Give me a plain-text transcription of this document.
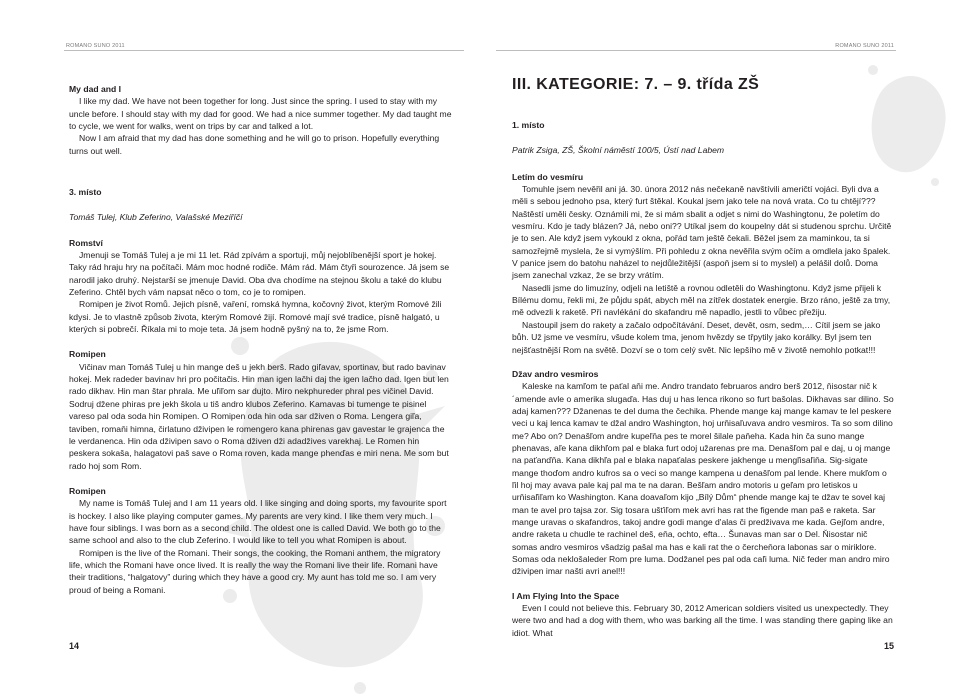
ROMANO SUNO 2011	ROMANO SUNO 2011

My dad and I

I like my dad. We have not been together for long. Just since the spring. I used to stay with my uncle before. I should stay with my dad for good. We had a nice summer together. My dad taught me to cycle, we went for walks, went on trips by car and talked a lot.

Now I am afraid that my dad has done something and he will go to prison. Hopefully everything turns out well.

3. místo

Tomáš Tulej, Klub Zeferino, Valašské Meziříčí

Romství

Jmenuji se Tomáš Tulej a je mi 11 let. Rád zpívám a sportuji, můj nejoblíbenější sport je hokej. Taky rád hraju hry na počítači. Mám moc hodné rodiče. Mám rád. Mám čtyři sourozence. Já jsem se narodil jako druhý. Nejstarší se jmenuje David. Oba dva chodíme na stejnou školu a také do klubu Zeferino. Chtěl bych vám napsat něco o tom, co je to romipen.

Romipen je život Romů. Jejich písně, vaření, romská hymna, kočovný život, kterým Romové žili kdysi. Je to vlastně způsob života, kterým Romové žijí. Romové mají své tradice, písně halgató, u kterých si pobrečí. Říkala mi to moje teta. Já jsem hodně pyšný na to, že jsme Rom.

Romipen

Vičinav man Tomáš Tulej u hin mange deš u jekh berš. Rado giľavav, sportinav, but rado bavinav hokej. Mek radeder bavinav hri pro počitačis. Hin man igen lačhi daj the igen lačho dad. Igen but len rado dikhav. Hin man štar phrala. Me uľiľom sar dujto. Miro nekphureder phral pes vičinel David. Sodruj džene phiras pre jekh škola u tiš andro klubos Zeferino. Kamavas bi tumenge te pisinel vareso pal oda soda hin Romipen. O Romipen oda hin oda sar dživen o Roma. Lengera giľa, taviben, romaňi himna, čirlatuno dživipen le romengero kana phirenas gav gavestar le grajenca the le verdanenca. Hin oda dživipen savo o Roma dživen dži adadžives varekhaj. Le Romen hin peskera sokaša, halagatovi paš save o Roma roven, kada mange phenďas e miri nena. Me som but rado hoj som Rom.

Romipen

My name is Tomáš Tulej and I am 11 years old. I like singing and doing sports, my favourite sport is hockey. I also like playing computer games. My parents are very kind. I like them very much. I have four siblings. I was born as a second child. The oldest one is called David. We both go to the same school and also to the club Zeferino. I would like to tell you what Romipen is about.

Romipen is the live of the Romani. Their songs, the cooking, the Romani anthem, the migratory life, which the Romani have once lived. It is really the way the Romani live their life. Romani have their traditions, “halgatovy” during which they have a good cry. My aunt has told me so. I am very proud of being a Romani.

14
III. KATEGORIE: 7. – 9. třída ZŠ

1. místo

Patrik Zsiga, ZŠ, Školní náměstí 100/5, Ústí nad Labem

Letím do vesmíru

Tomuhle jsem nevěřil ani já. 30. února 2012 nás nečekaně navštívili američtí vojáci. Byli dva a měli s sebou jednoho psa, který furt štěkal. Koukal jsem jako tele na nová vrata. Co tu chtějí??? Naštěstí uměli česky. Oznámili mi, že si mám sbalit a odjet s nimi do Washingtonu, že poletím do vesmíru. Kdo je tady blázen? Já, nebo oni?? Utíkal jsem do koupelny dát si studenou sprchu. Určitě je to sen. Ale když jsem vykoukl z okna, pořád tam ještě čekali. Běžel jsem za maminkou, ta si samozřejmě myslela, že si vymýšlím. Při pohledu z okna nevěřila svým očím a omdlela jako špalek. V panice jsem do batohu naházel to nejdůležitější (aspoň jsem si to myslel) a pelášil dolů. Doma jsem zanechal vzkaz, že se brzy vrátím.

Nasedli jsme do limuzíny, odjeli na letiště a rovnou odletěli do Washingtonu. Když jsme přijeli k Bílému domu, řekli mi, že půjdu spát, abych měl na zítřek dostatek energie. Brzo ráno, ještě za tmy, mě odvezli k raketě. Při navlékání do skafandru mě napadlo, jestli to vůbec přežiju.

Nastoupil jsem do rakety a začalo odpočítávání. Deset, devět, osm, sedm,… Cítil jsem se jako bůh. Už jsme ve vesmíru, všude kolem tma, jenom hvězdy se třpytily jako korálky. Byl jsem ten nejšťastnější Rom na světě. Dozví se o tom celý svět. Nic lepšího mě v životě nemohlo potkat!!!

Džav andro vesmiros

Kaleske na kamľom te paťal aňi me. Andro trandato februaros andro berš 2012, ňisostar nič k´amende avle o amerika slugaďa. Has duj u has lenca rikono so furt bašolas. Dikhavas sar dilino. So adaj kamen??? Džanenas te del duma the čechika. Phende mange kaj mange kamav te lel peskere veci u kaj lenca kamav te džal andro Washington, hoj urňisaľuvava andro vesmiros. Ta so som dilino me? Abo on? Denašľom andre kupeľňa pes te morel šilale paňeha. Kada hin ča suno mange phenavas, aľe kana dikhľom pal e blaka furt odoj užarenas pre ma. Denašľom pal e daj, u oj mange na paťanďňa. Kana dikhľa pal e blaka napaťalas peskere jakhenge u mengľisaľiňa. Sig-sigate mange thoďom andro kufros sa o veci so mange kampena u denašľom pal lende. Khere mukľom o ľil hoj may avava pale kaj pal ma te na daran. Bešľam andro motoris u geľam pro letiskos u urňisaľiľam ko Washington. Kana doavaľom kijo „Bílý Dům“ phende mange kaj te džav te sovel kaj man te avel pro tajsa zor. Sig tosara ušťiľom mek avri has rat the figende man paš e raketa. Sar mange uravas o skafandros, takoj andre godi mange d'alas či predživava me kada. Gejľom andre, andre raketa u chudle te rachinel deš, eňa, ochto, efta… Šunavas man sar o Del. Ňisostar nič somas andro vesmiros všadzig pašal ma has e kali rat the o čercheňora labonas sar o miriklore. Somas oda neklošaleder Rom pre luma. Dodžanel pes pal oda caľi luma. Nič feder man andro miro dživipen imar našti avri anel!!!

I Am Flying Into the Space

Even I could not believe this. February 30, 2012 American soldiers visited us unexpectedly. They were two and had a dog with them, who was barking all the time. I was standing there gaping like an idiot. What

15
